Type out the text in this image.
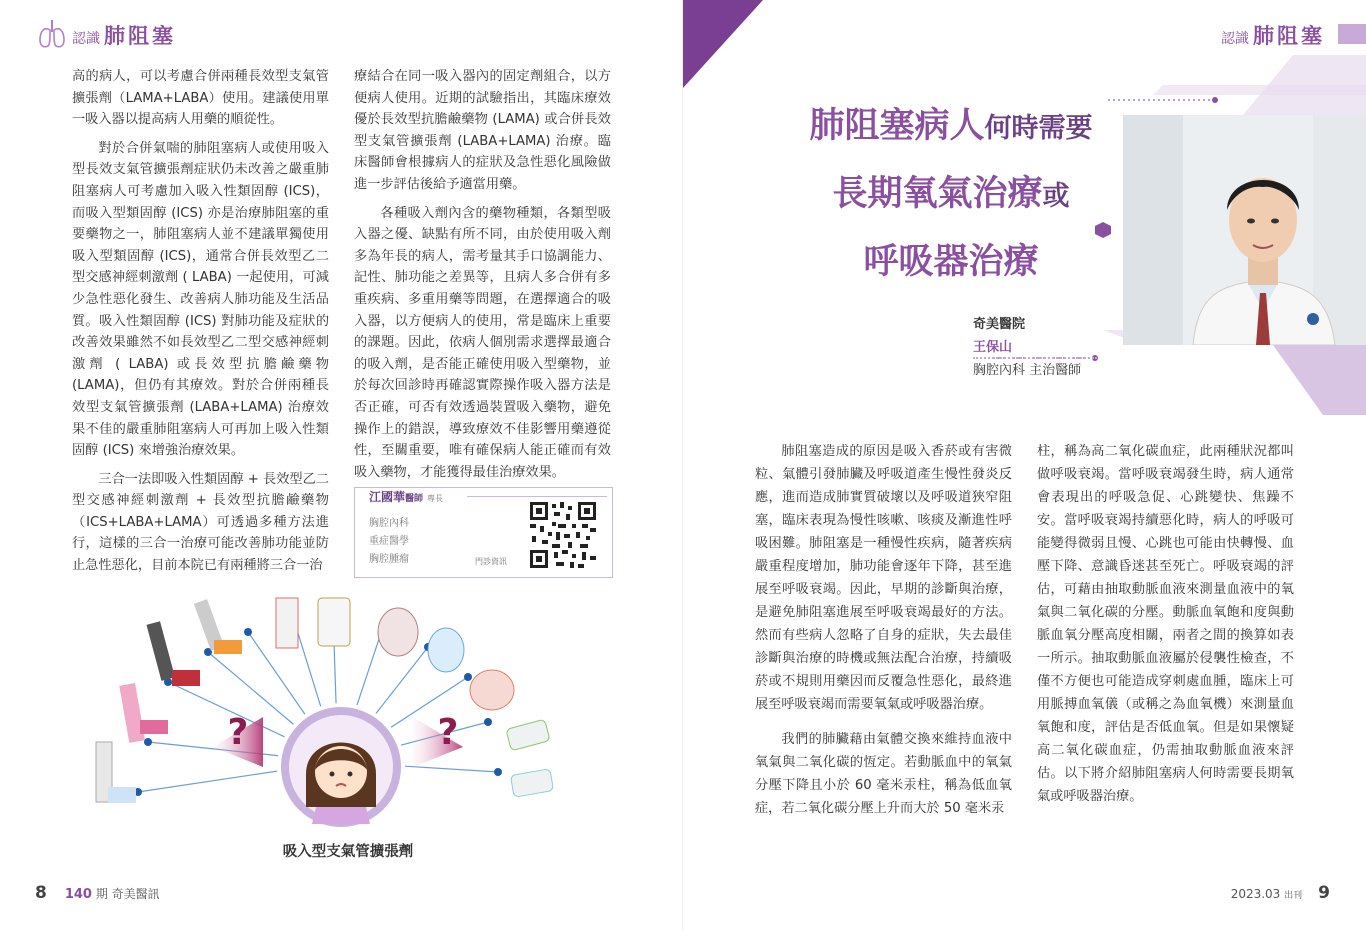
認識 肺阻塞

高的病人，可以考慮合併兩種長效型支氣管擴張劑（LAMA+LABA）使用。建議使用單一吸入器以提高病人用藥的順從性。

對於合併氣喘的肺阻塞病人或使用吸入型長效支氣管擴張劑症狀仍未改善之嚴重肺阻塞病人可考慮加入吸入性類固醇 (ICS)，而吸入型類固醇 (ICS) 亦是治療肺阻塞的重要藥物之一，肺阻塞病人並不建議單獨使用吸入型類固醇 (ICS)，通常合併長效型乙二型交感神經刺激劑 ( LABA) 一起使用，可減少急性惡化發生、改善病人肺功能及生活品質。吸入性類固醇 (ICS) 對肺功能及症狀的改善效果雖然不如長效型乙二型交感神經刺激劑 ( LABA) 或長效型抗膽鹼藥物 (LAMA)，但仍有其療效。對於合併兩種長效型支氣管擴張劑 (LABA+LAMA) 治療效果不佳的嚴重肺阻塞病人可再加上吸入性類固醇 (ICS) 來增強治療效果。

三合一法即吸入性類固醇 + 長效型乙二型交感神經刺激劑 + 長效型抗膽鹼藥物（ICS+LABA+LAMA）可透過多種方法進行，這樣的三合一治療可能改善肺功能並防止急性惡化，目前本院已有兩種將三合一治

療結合在同一吸入器內的固定劑組合，以方便病人使用。近期的試驗指出，其臨床療效優於長效型抗膽鹼藥物 (LAMA) 或合併長效型支氣管擴張劑 (LABA+LAMA) 治療。臨床醫師會根據病人的症狀及急性惡化風險做進一步評估後給予適當用藥。

各種吸入劑內含的藥物種類，各類型吸入器之優、缺點有所不同，由於使用吸入劑多為年長的病人，需考量其手口協調能力、記性、肺功能之差異等，且病人多合併有多重疾病、多重用藥等問題，在選擇適合的吸入器，以方便病人的使用，常是臨床上重要的課題。因此，依病人個別需求選擇最適合的吸入劑，是否能正確使用吸入型藥物，並於每次回診時再確認實際操作吸入器方法是否正確，可否有效透過裝置吸入藥物，避免操作上的錯誤，導致療效不佳影響用藥遵從性，至關重要，唯有確保病人能正確而有效吸入藥物，才能獲得最佳治療效果。

江國華醫師 專長
胸腔內科
重症醫學
胸腔腫瘤	門診資訊
?	?
吸入型支氣管擴張劑
8 140 期 奇美醫訊
認識 肺阻塞
肺阻塞病人何時需要
長期氧氣治療或
呼吸器治療
奇美醫院
王保山
胸腔內科 主治醫師

肺阻塞造成的原因是吸入香菸或有害微粒、氣體引發肺臟及呼吸道產生慢性發炎反應，進而造成肺實質破壞以及呼吸道狹窄阻塞，臨床表現為慢性咳嗽、咳痰及漸進性呼吸困難。肺阻塞是一種慢性疾病，隨著疾病嚴重程度增加，肺功能會逐年下降，甚至進展至呼吸衰竭。因此，早期的診斷與治療，是避免肺阻塞進展至呼吸衰竭最好的方法。然而有些病人忽略了自身的症狀，失去最佳診斷與治療的時機或無法配合治療，持續吸菸或不規則用藥因而反覆急性惡化，最終進展至呼吸衰竭而需要氧氣或呼吸器治療。

我們的肺臟藉由氣體交換來維持血液中氧氣與二氧化碳的恆定。若動脈血中的氧氣分壓下降且小於 60 毫米汞柱，稱為低血氧症，若二氧化碳分壓上升而大於 50 毫米汞

柱，稱為高二氧化碳血症，此兩種狀況都叫做呼吸衰竭。當呼吸衰竭發生時，病人通常會表現出的呼吸急促、心跳變快、焦躁不安。當呼吸衰竭持續惡化時，病人的呼吸可能變得微弱且慢、心跳也可能由快轉慢、血壓下降、意識昏迷甚至死亡。呼吸衰竭的評估，可藉由抽取動脈血液來測量血液中的氧氣與二氧化碳的分壓。動脈血氧飽和度與動脈血氧分壓高度相關，兩者之間的換算如表一所示。抽取動脈血液屬於侵襲性檢查，不僅不方便也可能造成穿刺處血腫，臨床上可用脈搏血氧儀（或稱之為血氧機）來測量血氧飽和度，評估是否低血氧。但是如果懷疑高二氧化碳血症，仍需抽取動脈血液來評估。以下將介紹肺阻塞病人何時需要長期氧氣或呼吸器治療。

2023.03 出刊 9
